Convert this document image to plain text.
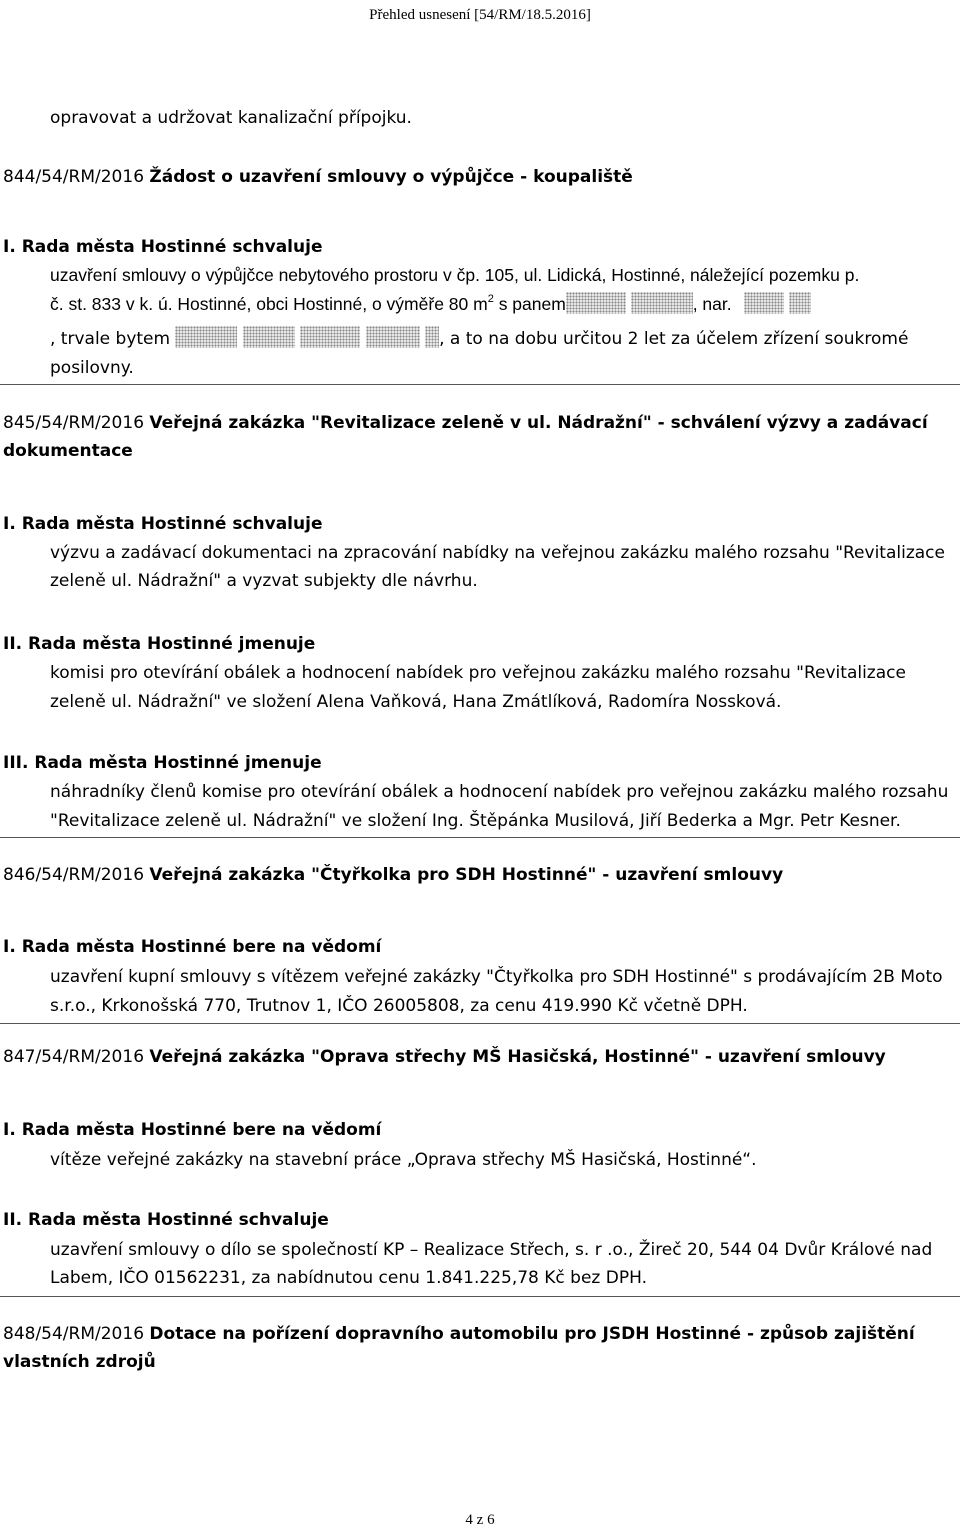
Přehled usnesení [54/RM/18.5.2016]
opravovat a udržovat kanalizační přípojku.
844/54/RM/2016 Žádost o uzavření smlouvy o výpůjčce - koupaliště
I. Rada města Hostinné schvaluje
uzavření smlouvy o výpůjčce nebytového prostoru v čp. 105, ul. Lidická, Hostinné, náležející pozemku p.
č. st. 833 v k. ú. Hostinné, obci Hostinné, o výměře 80 $m^2$ s panem	, nar.
, trvale bytem	, a to na dobu určitou 2 let za účelem zřízení soukromé
posilovny.
845/54/RM/2016 Veřejná zakázka "Revitalizace zeleně v ul. Nádražní" - schválení výzvy a zadávací
dokumentace
I. Rada města Hostinné schvaluje
výzvu a zadávací dokumentaci na zpracování nabídky na veřejnou zakázku malého rozsahu "Revitalizace
zeleně ul. Nádražní" a vyzvat subjekty dle návrhu.
II. Rada města Hostinné jmenuje
komisi pro otevírání obálek a hodnocení nabídek pro veřejnou zakázku malého rozsahu "Revitalizace
zeleně ul. Nádražní" ve složení Alena Vaňková, Hana Zmátlíková, Radomíra Nossková.
III. Rada města Hostinné jmenuje
náhradníky členů komise pro otevírání obálek a hodnocení nabídek pro veřejnou zakázku malého rozsahu
"Revitalizace zeleně ul. Nádražní" ve složení Ing. Štěpánka Musilová, Jiří Bederka a Mgr. Petr Kesner.
846/54/RM/2016 Veřejná zakázka "Čtyřkolka pro SDH Hostinné" - uzavření smlouvy
I. Rada města Hostinné bere na vědomí
uzavření kupní smlouvy s vítězem veřejné zakázky "Čtyřkolka pro SDH Hostinné" s prodávajícím 2B Moto
s.r.o., Krkonošská 770, Trutnov 1, IČO 26005808, za cenu 419.990 Kč včetně DPH.
847/54/RM/2016 Veřejná zakázka "Oprava střechy MŠ Hasičská, Hostinné" - uzavření smlouvy
I. Rada města Hostinné bere na vědomí
vítěze veřejné zakázky na stavební práce „Oprava střechy MŠ Hasičská, Hostinné“.
II. Rada města Hostinné schvaluje
uzavření smlouvy o dílo se společností KP – Realizace Střech, s. r .o., Žireč 20, 544 04 Dvůr Králové nad
Labem, IČO 01562231, za nabídnutou cenu 1.841.225,78 Kč bez DPH.
848/54/RM/2016 Dotace na pořízení dopravního automobilu pro JSDH Hostinné - způsob zajištění
vlastních zdrojů
4 z 6
